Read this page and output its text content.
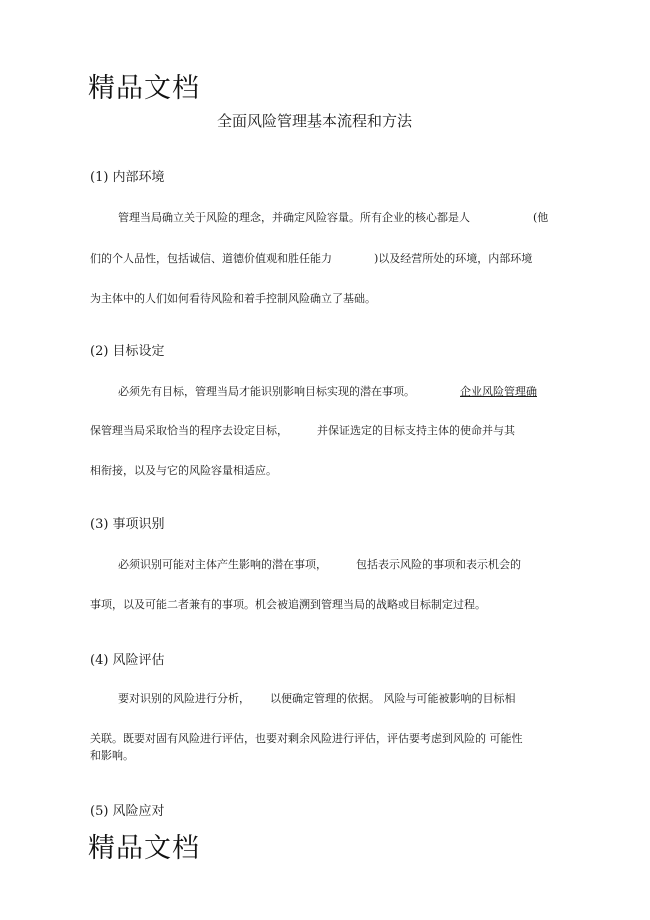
精品文档
全面风险管理基本流程和方法
(1) 内部环境
管理当局确立关于风险的理念，并确定风险容量。所有企业的核心都是人	(他
们的个人品性，包括诚信、道德价值观和胜任能力	)以及经营所处的环境，内部环境
为主体中的人们如何看待风险和着手控制风险确立了基础。
(2) 目标设定
必须先有目标，管理当局才能识别影响目标实现的潜在事项。	企业风险管理确
保管理当局采取恰当的程序去设定目标，	并保证选定的目标支持主体的使命并与其
相衔接，以及与它的风险容量相适应。
(3) 事项识别
必须识别可能对主体产生影响的潜在事项，	包括表示风险的事项和表示机会的
事项，以及可能二者兼有的事项。机会被追溯到管理当局的战略或目标制定过程。
(4) 风险评估
要对识别的风险进行分析， 以便确定管理的依据。 风险与可能被影响的目标相
关联。既要对固有风险进行评估，也要对剩余风险进行评估，评估要考虑到风险的 可能性
和影响。
(5) 风险应对
精品文档
